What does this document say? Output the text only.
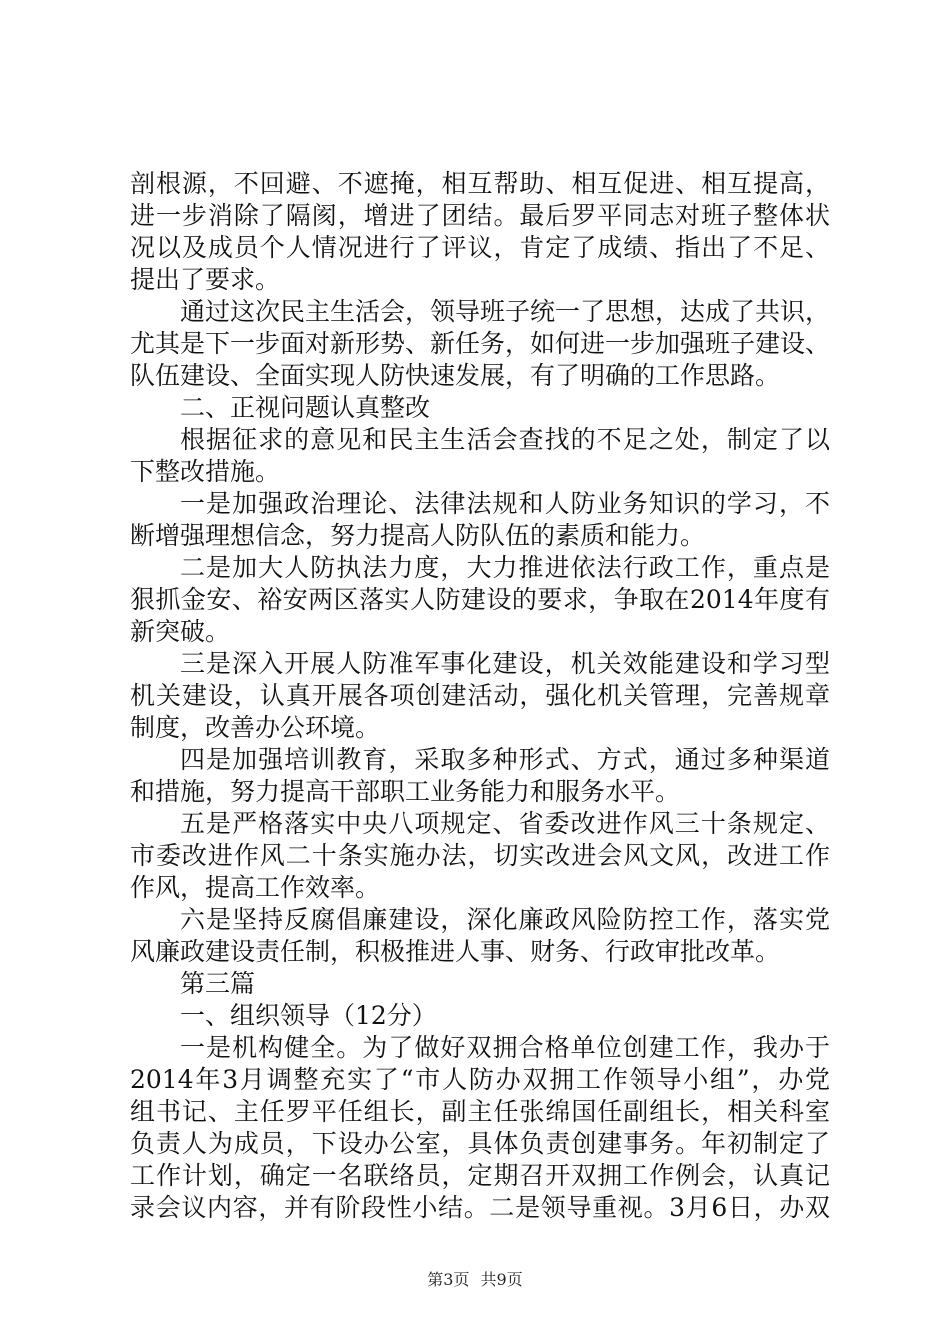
剖根源，不回避、不遮掩，相互帮助、相互促进、相互提高，
进一步消除了隔阂，增进了团结。最后罗平同志对班子整体状
况以及成员个人情况进行了评议，肯定了成绩、指出了不足、
提出了要求。
通过这次民主生活会，领导班子统一了思想，达成了共识，
尤其是下一步面对新形势、新任务，如何进一步加强班子建设、
队伍建设、全面实现人防快速发展，有了明确的工作思路。
二、正视问题认真整改
根据征求的意见和民主生活会查找的不足之处，制定了以
下整改措施。
一是加强政治理论、法律法规和人防业务知识的学习，不
断增强理想信念，努力提高人防队伍的素质和能力。
二是加大人防执法力度，大力推进依法行政工作，重点是
狠抓金安、裕安两区落实人防建设的要求，争取在2014年度有
新突破。
三是深入开展人防准军事化建设，机关效能建设和学习型
机关建设，认真开展各项创建活动，强化机关管理，完善规章
制度，改善办公环境。
四是加强培训教育，采取多种形式、方式，通过多种渠道
和措施，努力提高干部职工业务能力和服务水平。
五是严格落实中央八项规定、省委改进作风三十条规定、
市委改进作风二十条实施办法，切实改进会风文风，改进工作
作风，提高工作效率。
六是坚持反腐倡廉建设，深化廉政风险防控工作，落实党
风廉政建设责任制，积极推进人事、财务、行政审批改革。
第三篇
一、组织领导（12分）
一是机构健全。为了做好双拥合格单位创建工作，我办于
2014年3月调整充实了“市人防办双拥工作领导小组”，办党
组书记、主任罗平任组长，副主任张绵国任副组长，相关科室
负责人为成员，下设办公室，具体负责创建事务。年初制定了
工作计划，确定一名联络员，定期召开双拥工作例会，认真记
录会议内容，并有阶段性小结。二是领导重视。3月6日，办双
第3页 共9页
